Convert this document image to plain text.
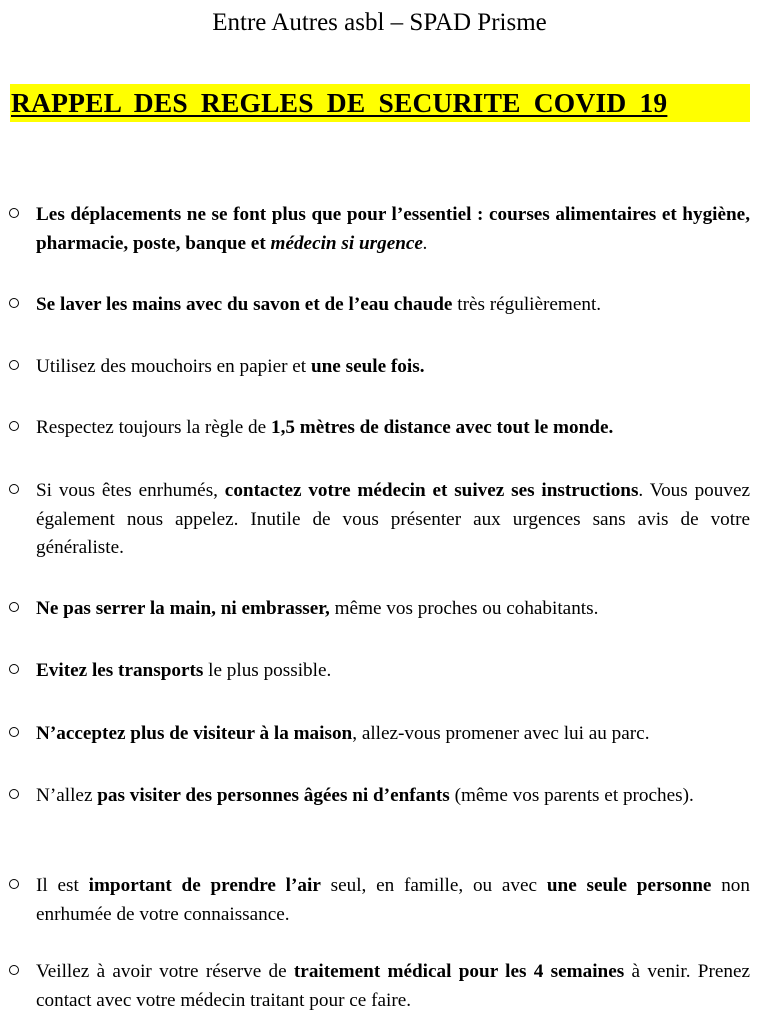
Entre Autres asbl – SPAD Prisme
RAPPEL DES REGLES DE SECURITE COVID 19

Les déplacements ne se font plus que pour l’essentiel : courses alimentaires et hygiène, pharmacie, poste, banque et médecin si urgence.

Se laver les mains avec du savon et de l’eau chaude très régulièrement.

Utilisez des mouchoirs en papier et une seule fois.

Respectez toujours la règle de 1,5 mètres de distance avec tout le monde.

Si vous êtes enrhumés, contactez votre médecin et suivez ses instructions. Vous pouvez également nous appelez. Inutile de vous présenter aux urgences sans avis de votre généraliste.

Ne pas serrer la main, ni embrasser, même vos proches ou cohabitants.

Evitez les transports le plus possible.

N’acceptez plus de visiteur à la maison, allez-vous promener avec lui au parc.

N’allez pas visiter des personnes âgées ni d’enfants (même vos parents et proches).

Il est important de prendre l’air seul, en famille, ou avec une seule personne non enrhumée de votre connaissance.

Veillez à avoir votre réserve de traitement médical pour les 4 semaines à venir. Prenez contact avec votre médecin traitant pour ce faire.
